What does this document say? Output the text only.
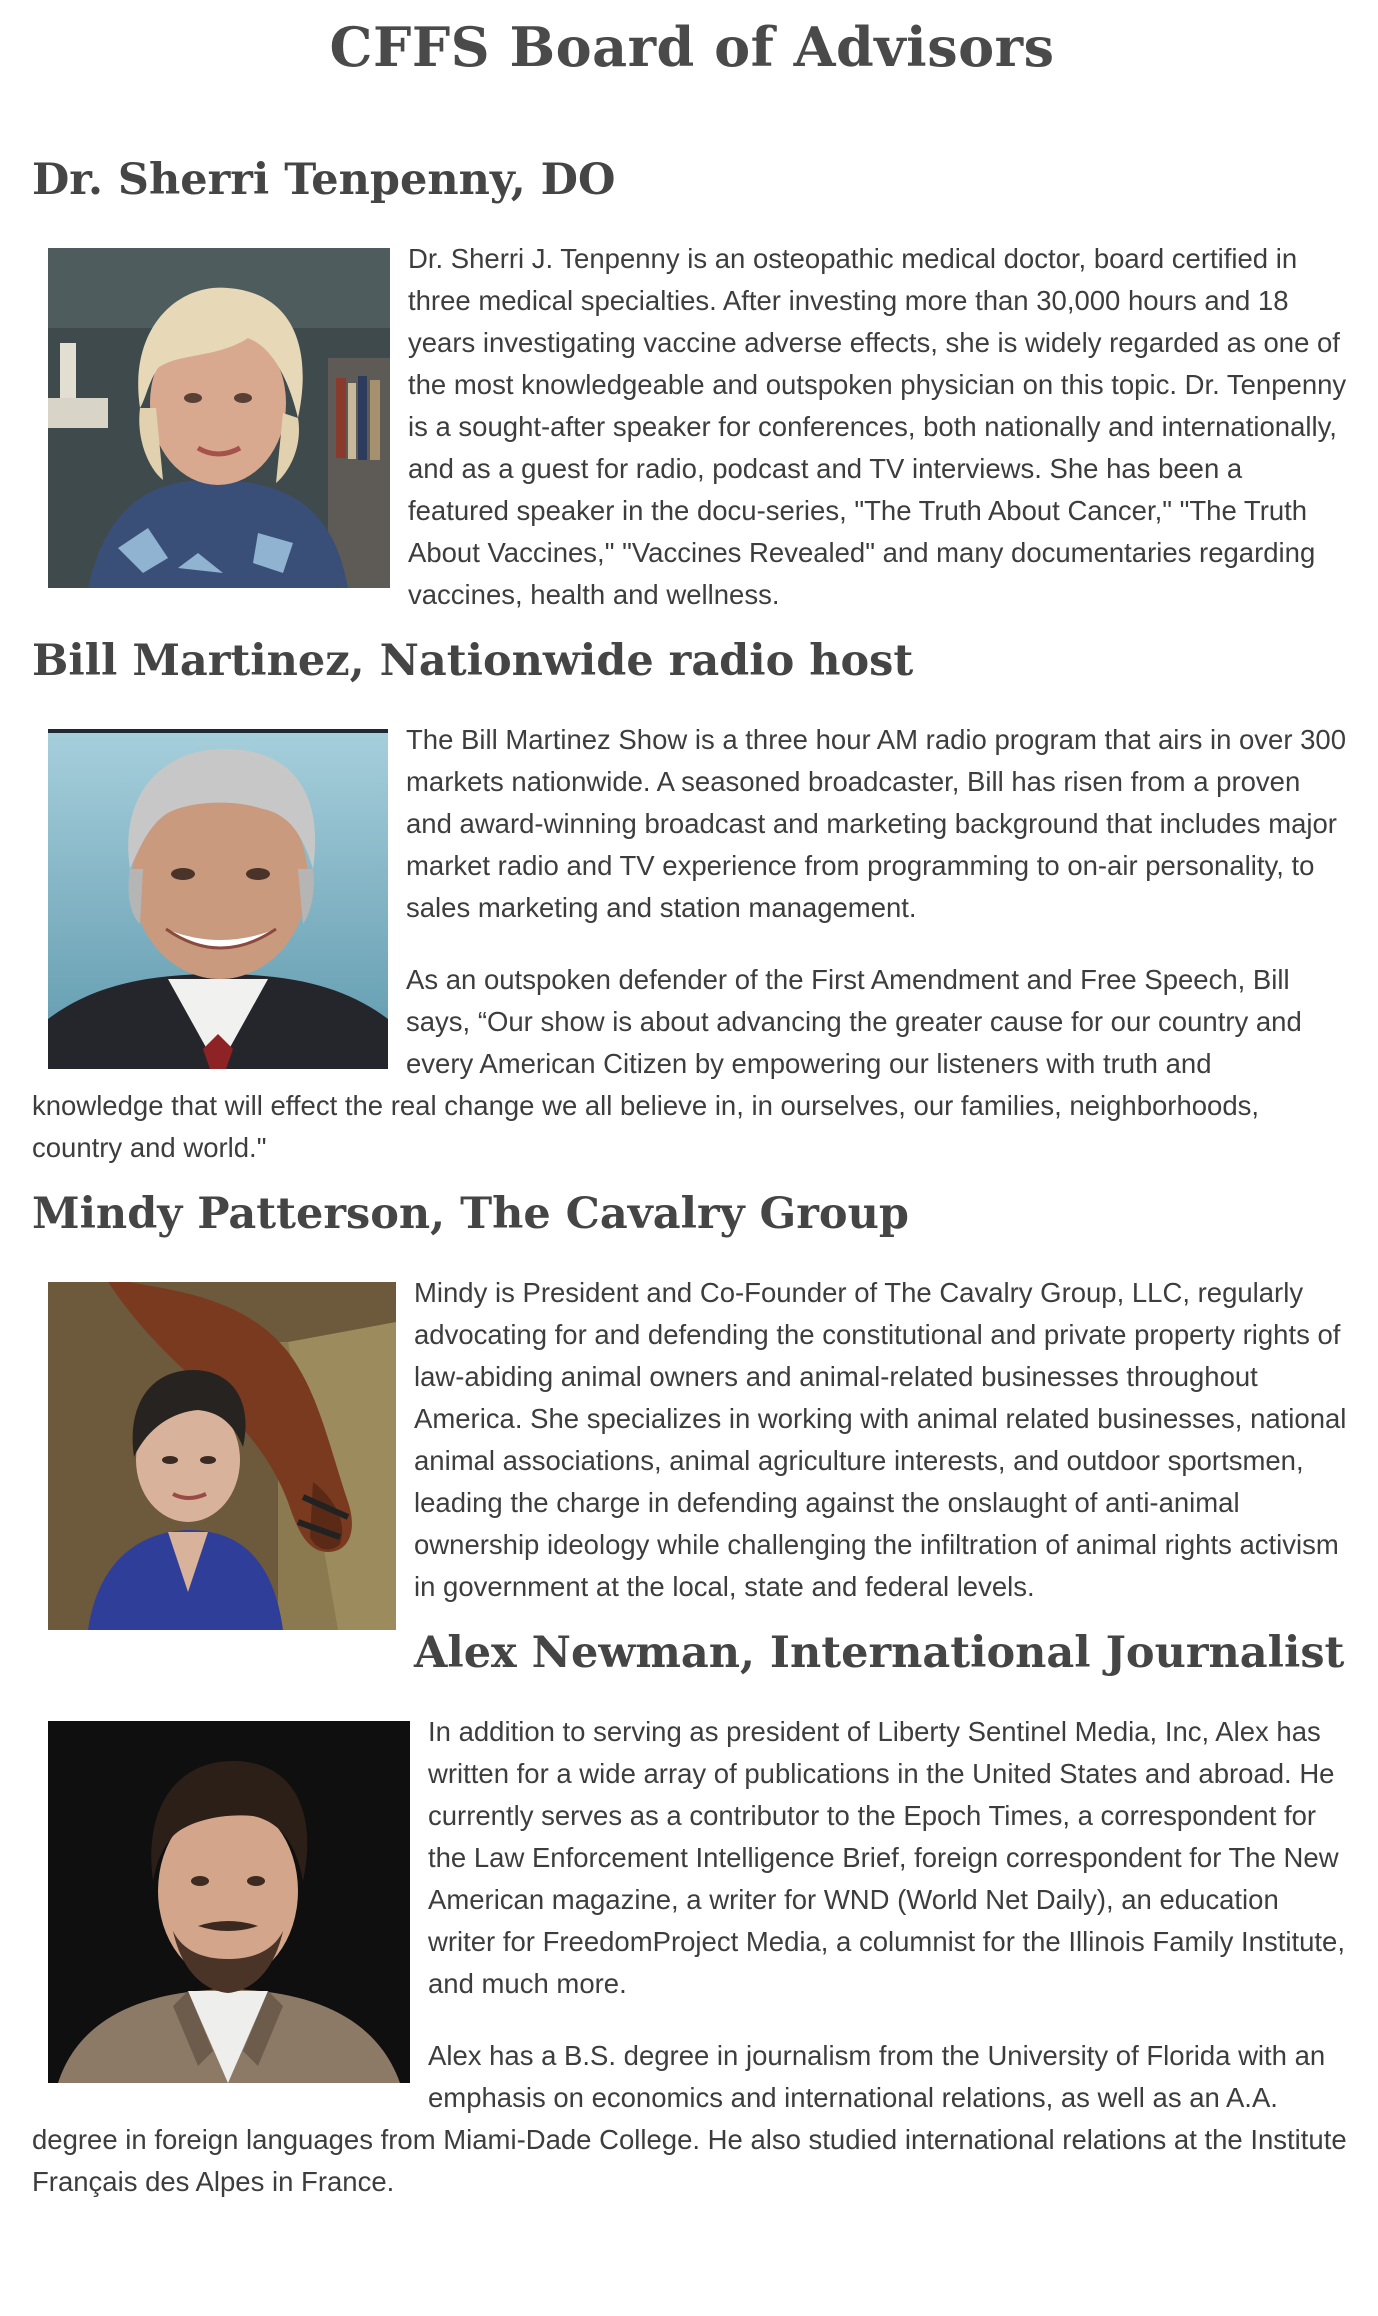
CFFS Board of Advisors
Dr. Sherri Tenpenny, DO

Dr. Sherri J. Tenpenny is an osteopathic medical doctor, board certified in three medical specialties. After investing more than 30,000 hours and 18 years investigating vaccine adverse effects, she is widely regarded as one of the most knowledgeable and outspoken physician on this topic. Dr. Tenpenny is a sought-after speaker for conferences, both nationally and internationally, and as a guest for radio, podcast and TV interviews. She has been a featured speaker in the docu-series, "The Truth About Cancer," "The Truth About Vaccines," "Vaccines Revealed" and many documentaries regarding vaccines, health and wellness.

Bill Martinez, Nationwide radio host

The Bill Martinez Show is a three hour AM radio program that airs in over 300 markets nationwide. A seasoned broadcaster, Bill has risen from a proven and award-winning broadcast and marketing background that includes major market radio and TV experience from programming to on-air personality, to sales marketing and station management.

As an outspoken defender of the First Amendment and Free Speech, Bill says, “Our show is about advancing the greater cause for our country and every American Citizen by empowering our listeners with truth and knowledge that will effect the real change we all believe in, in ourselves, our families, neighborhoods, country and world."

Mindy Patterson, The Cavalry Group

Mindy is President and Co-Founder of The Cavalry Group, LLC, regularly advocating for and defending the constitutional and private property rights of law-abiding animal owners and animal-related businesses throughout America. She specializes in working with animal related businesses, national animal associations, animal agriculture interests, and outdoor sportsmen, leading the charge in defending against the onslaught of anti-animal ownership ideology while challenging the infiltration of animal rights activism in government at the local, state and federal levels.

Alex Newman, International Journalist

In addition to serving as president of Liberty Sentinel Media, Inc, Alex has written for a wide array of publications in the United States and abroad. He currently serves as a contributor to the Epoch Times, a correspondent for the Law Enforcement Intelligence Brief, foreign correspondent for The New American magazine, a writer for WND (World Net Daily), an education writer for FreedomProject Media, a columnist for the Illinois Family Institute, and much more.

Alex has a B.S. degree in journalism from the University of Florida with an emphasis on economics and international relations, as well as an A.A. degree in foreign languages from Miami-Dade College. He also studied international relations at the Institute Français des Alpes in France.
